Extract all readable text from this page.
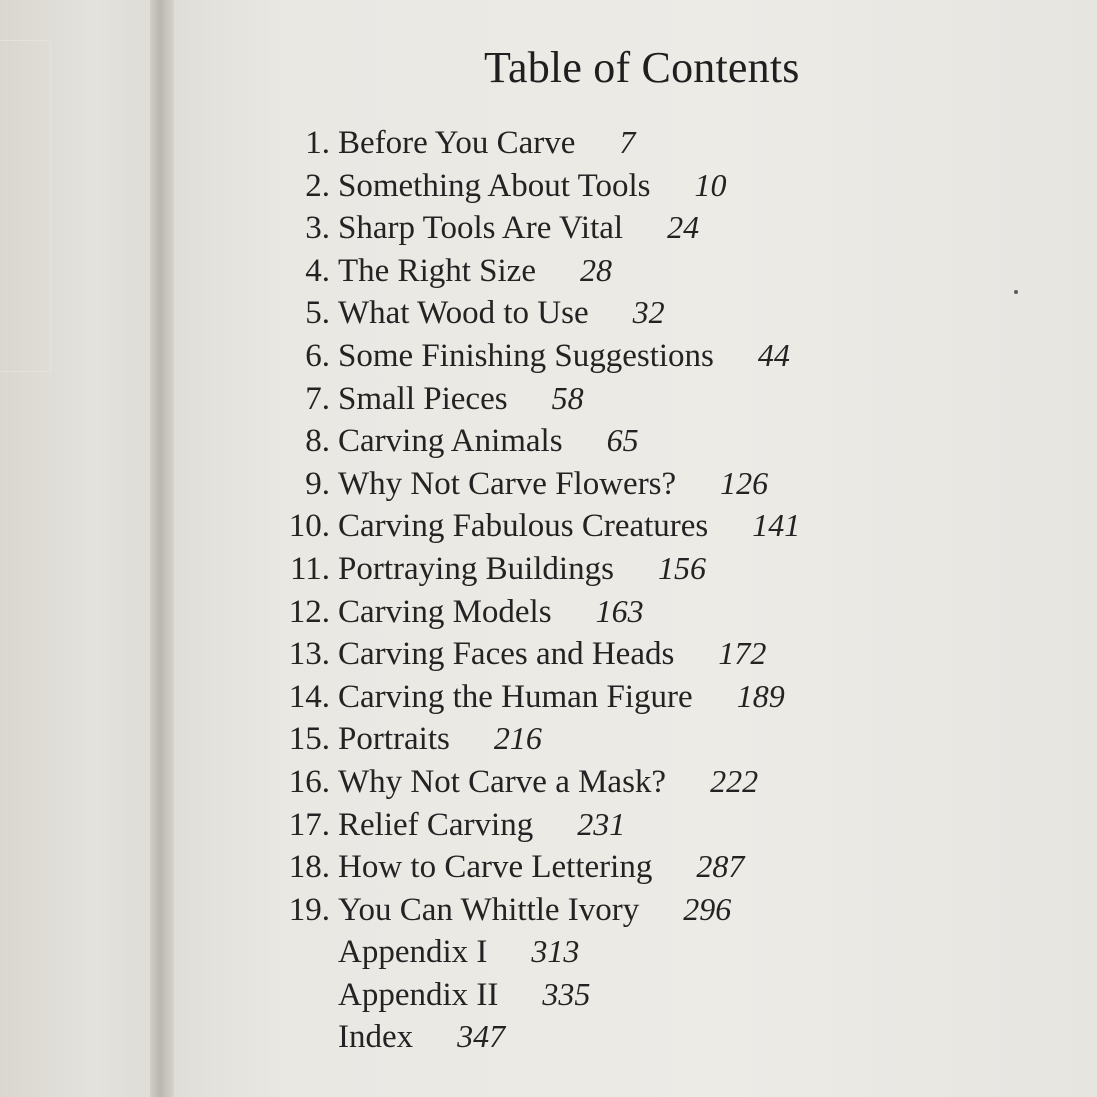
Table of Contents
1. Before You Carve 7
2. Something About Tools 10
3. Sharp Tools Are Vital 24
4. The Right Size 28
5. What Wood to Use 32
6. Some Finishing Suggestions 44
7. Small Pieces 58
8. Carving Animals 65
9. Why Not Carve Flowers? 126
10. Carving Fabulous Creatures 141
11. Portraying Buildings 156
12. Carving Models 163
13. Carving Faces and Heads 172
14. Carving the Human Figure 189
15. Portraits 216
16. Why Not Carve a Mask? 222
17. Relief Carving 231
18. How to Carve Lettering 287
19. You Can Whittle Ivory 296
Appendix I 313
Appendix II 335
Index 347
